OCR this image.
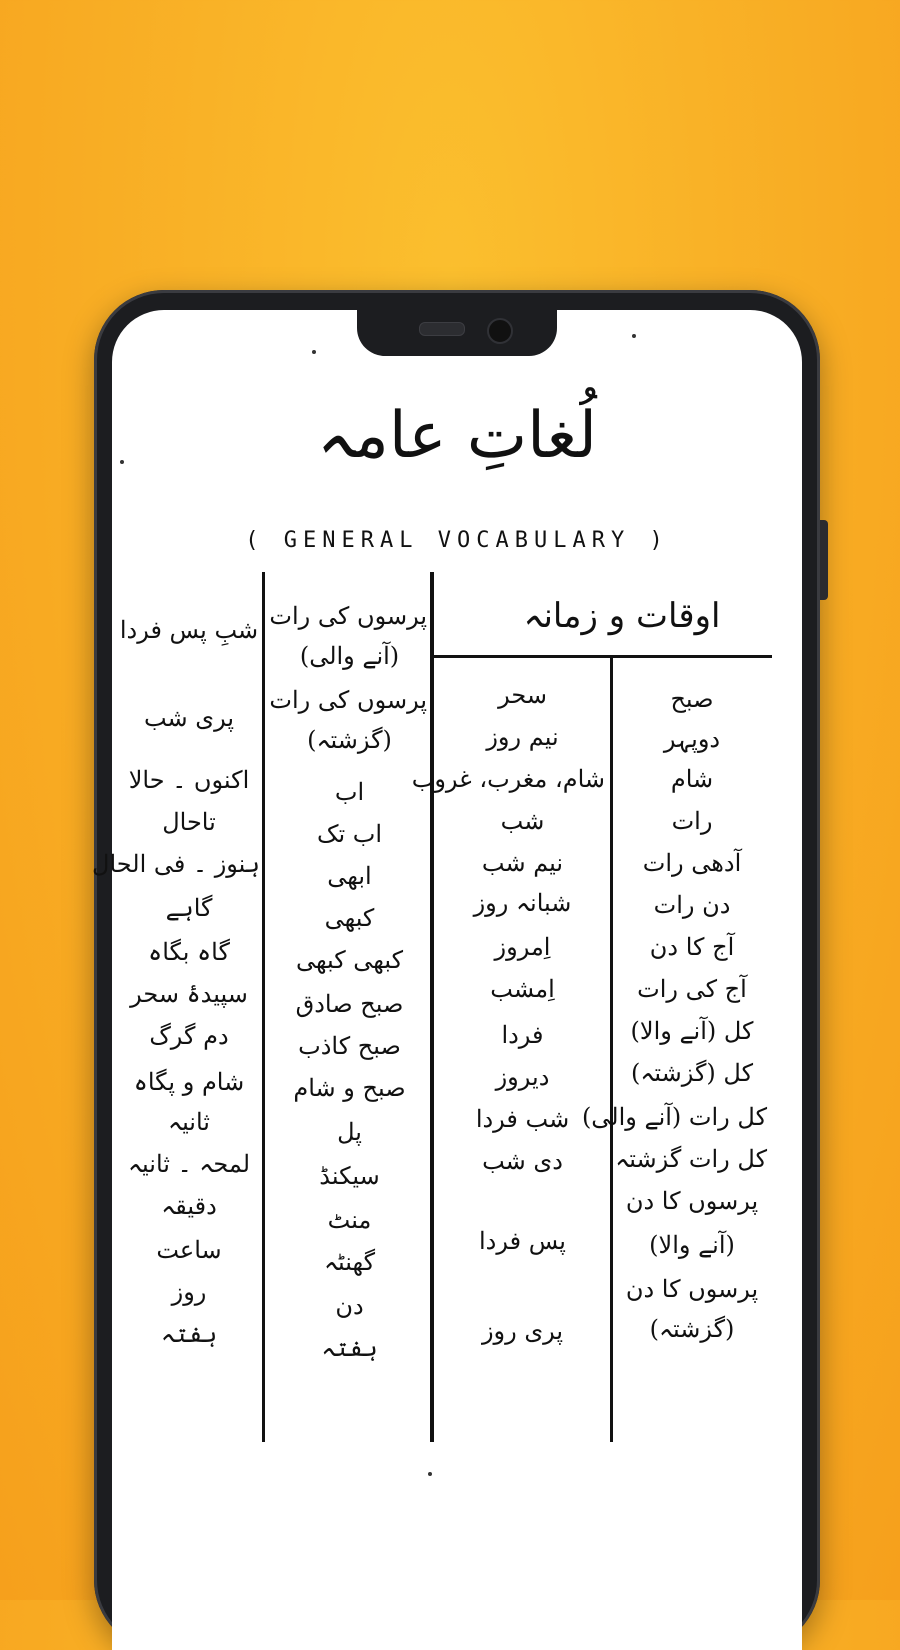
لُغاتِ عامہ
( GENERAL VOCABULARY )
اوقات و زمانہ
صبح
دوپہر
شام
رات
آدھی رات
دن رات
آج کا دن
آج کی رات
کل (آنے والا)
کل (گزشتہ)
کل رات (آنے والی)
کل رات گزشتہ
پرسوں کا دن
(آنے والا)
پرسوں کا دن
(گزشتہ)
سحر
نیم روز
شام، مغرب، غروب
شب
نیم شب
شبانہ روز
اِمروز
اِمشب
فردا
دیروز
شب فردا
دی شب
پس فردا
پری روز
پرسوں کی رات
(آنے والی)
پرسوں کی رات
(گزشتہ)
اب
اب تک
ابھی
کبھی
کبھی کبھی
صبح صادق
صبح کاذب
صبح و شام
پل
سیکنڈ
منٹ
گھنٹہ
دن
ہفتہ
شبِ پس فردا
پری شب
اکنوں ۔ حالا
تاحال
ہنوز ۔ فی الحال
گاہے
گاہ بگاہ
سپیدۂ سحر
دم گرگ
شام و پگاہ
ثانیہ
لمحہ ۔ ثانیہ
دقیقہ
ساعت
روز
ہفتہ
